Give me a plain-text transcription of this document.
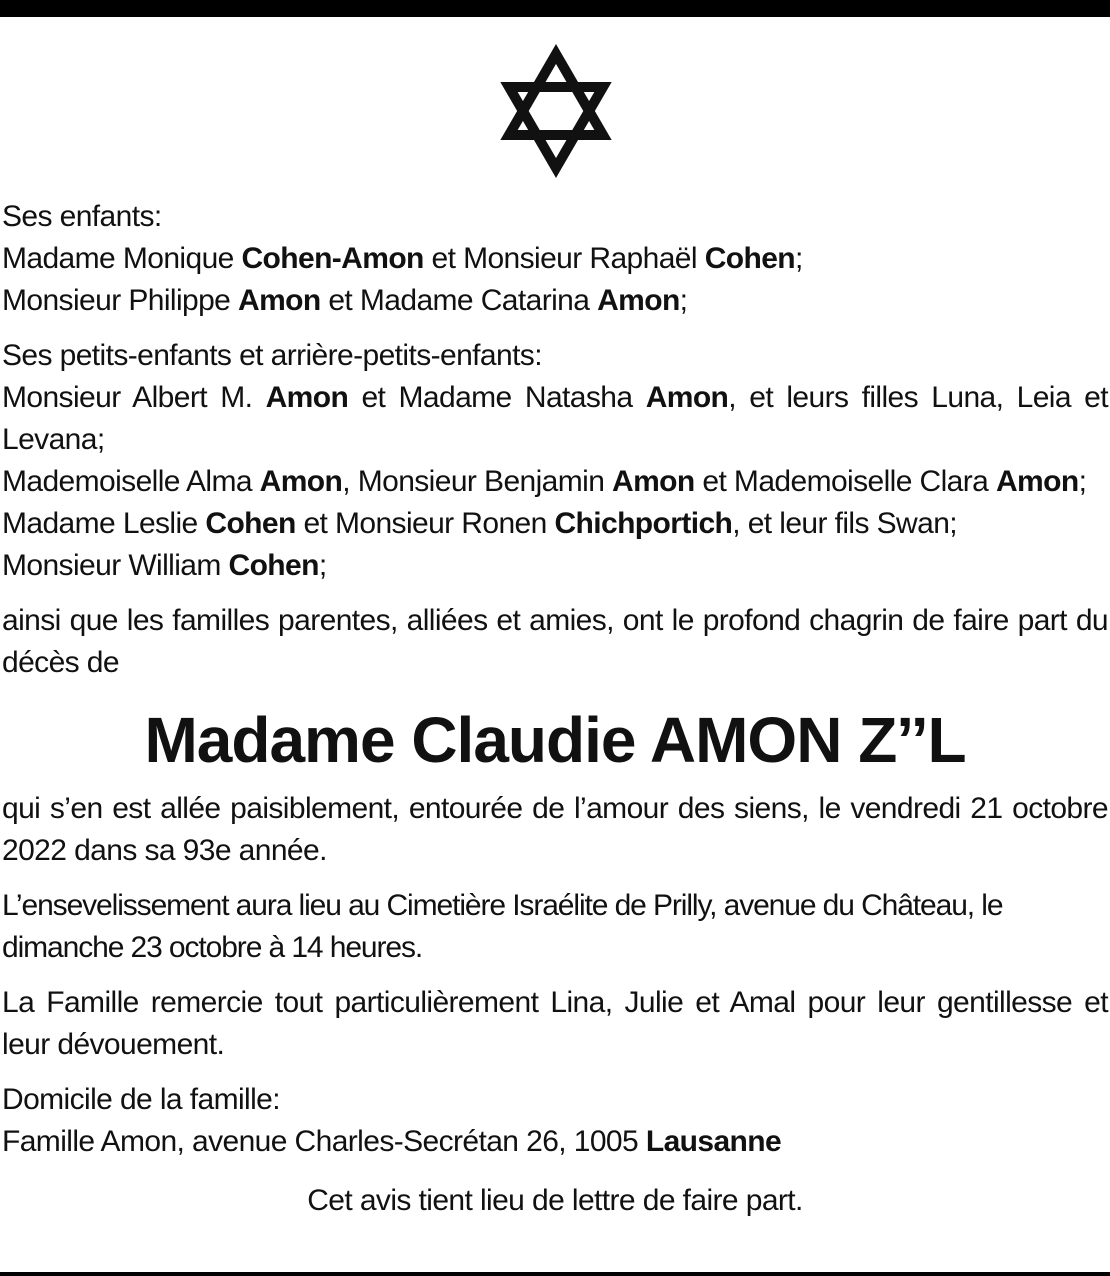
Ses enfants:
Madame Monique Cohen-Amon et Monsieur Raphaël Cohen;
Monsieur Philippe Amon et Madame Catarina Amon;
Ses petits-enfants et arrière-petits-enfants:
Monsieur Albert M. Amon et Madame Natasha Amon, et leurs filles Luna, Leia et Levana;
Mademoiselle Alma Amon, Monsieur Benjamin Amon et Mademoiselle Clara Amon;
Madame Leslie Cohen et Monsieur Ronen Chichportich, et leur fils Swan;
Monsieur William Cohen;
ainsi que les familles parentes, alliées et amies, ont le profond chagrin de faire part du décès de
Madame Claudie AMON Z’’L
qui s’en est allée paisiblement, entourée de l’amour des siens, le vendredi 21 octobre 2022 dans sa 93e année.
L’ensevelissement aura lieu au Cimetière Israélite de Prilly, avenue du Château, le dimanche 23 octobre à 14 heures.
La Famille remercie tout particulièrement Lina, Julie et Amal pour leur gentillesse et leur dévouement.
Domicile de la famille:
Famille Amon, avenue Charles-Secrétan 26, 1005 Lausanne
Cet avis tient lieu de lettre de faire part.
